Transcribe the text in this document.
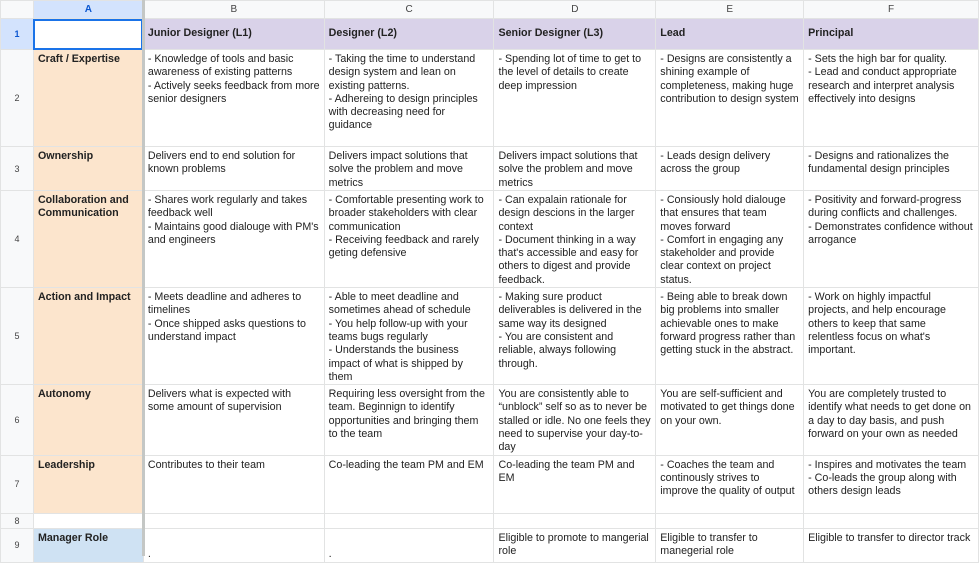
	A	B	C	D	E	F
1		Junior Designer (L1)	Designer (L2)	Senior Designer (L3)	Lead	Principal
2	Craft / Expertise	- Knowledge of tools and basic awareness of existing patterns
- Actively seeks feedback from more senior designers	- Taking the time to understand design system and lean on existing patterns.
- Adhereing to design principles with decreasing need for guidance	- Spending lot of time to get to the level of details to create deep impression	- Designs are consistently a shining example of completeness, making huge contribution to design system	- Sets the high bar for quality.
- Lead and conduct appropriate research and interpret analysis effectively into designs

3	Ownership	Delivers end to end solution for known problems	Delivers impact solutions that solve the problem and move metrics	Delivers impact solutions that solve the problem and move metrics	- Leads design delivery across the group	- Designs and rationalizes the fundamental design principles

4	Collaboration and Communication	- Shares work regularly and takes feedback well
- Maintains good dialouge with PM's and engineers	- Comfortable presenting work to broader stakeholders with clear communication
- Receiving feedback and rarely geting defensive	- Can expalain rationale for design descions in the larger context
- Document thinking in a way that's accessible and easy for others to digest and provide feedback.	- Consiously hold dialouge that ensures that team moves forward
- Comfort in engaging any stakeholder and provide clear context on project status.	- Positivity and forward-progress during conflicts and challenges.
- Demonstrates confidence without arrogance

5	Action and Impact	- Meets deadline and adheres to timelines
- Once shipped asks questions to understand impact	- Able to meet deadline and sometimes ahead of schedule
- You help follow-up with your teams bugs regularly
- Understands the business impact of what is shipped by them	- Making sure product deliverables is delivered in the same way its designed
- You are consistent and reliable, always following through.	- Being able to break down big problems into smaller achievable ones to make forward progress rather than getting stuck in the abstract.	- Work on highly impactful projects, and help encourage others to keep that same relentless focus on what's important.

6	Autonomy	Delivers what is expected with some amount of supervision	Requiring less oversight from the team. Beginnign to identify opportunities and bringing them to the team	You are consistently able to “unblock” self so as to never be stalled or idle. No one feels they need to supervise your day-to-day	You are self-sufficient and motivated to get things done on your own.	You are completely trusted to identify what needs to get done on a day to day basis, and push forward on your own as needed

7	Leadership	Contributes to their team	Co-leading the team PM and EM	Co-leading the team PM and EM	- Coaches the team and continously strives to improve the quality of output	- Inspires and motivates the team
- Co-leads the group along with others design leads

8						
9	Manager Role	.	.	Eligible to promote to mangerial role	Eligible to transfer to manegerial role	Eligible to transfer to director track
